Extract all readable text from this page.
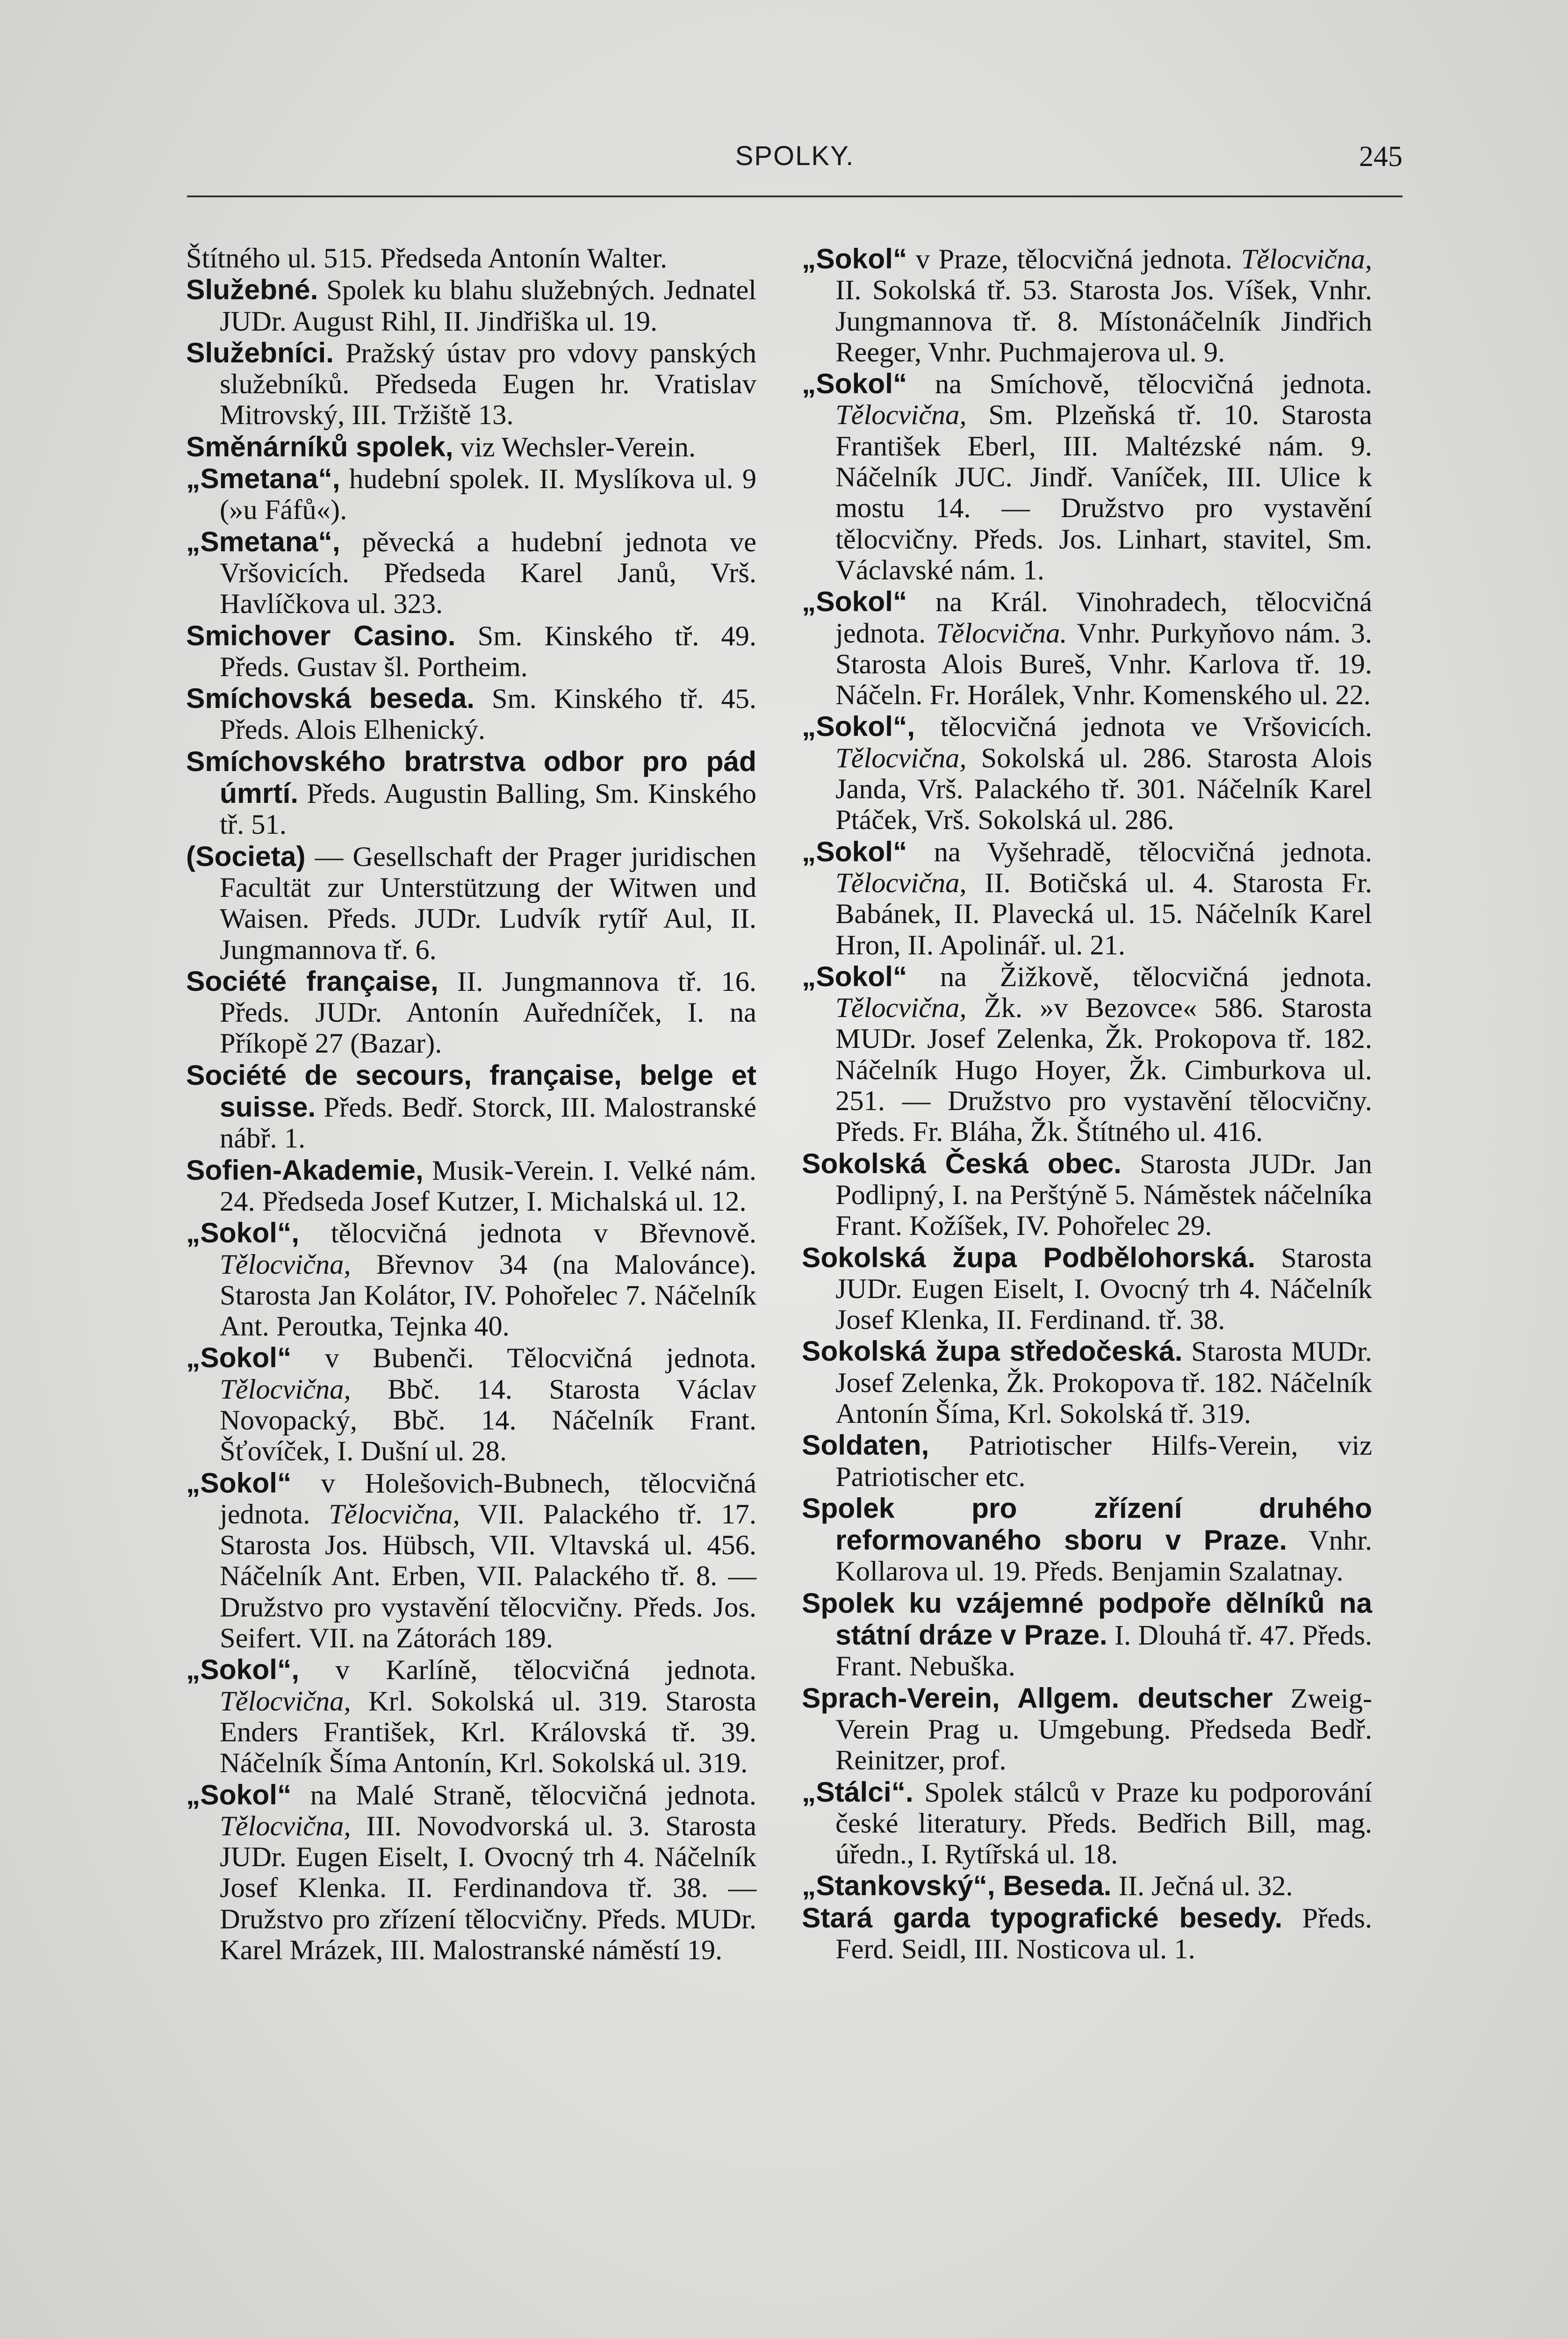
SPOLKY.	245

Štítného ul. 515. Předseda Antonín Walter.

Služebné. Spolek ku blahu služebných. Jednatel JUDr. August Rihl, II. Jindřiška ul. 19.

Služebníci. Pražský ústav pro vdovy panských služebníků. Předseda Eugen hr. Vratislav Mitrovský, III. Tržiště 13.

Směnárníků spolek, viz Wechsler-Verein.

„Smetana“, hudební spolek. II. Myslíkova ul. 9 (»u Fáfů«).

„Smetana“, pěvecká a hudební jednota ve Vršovicích. Předseda Karel Janů, Vrš. Havlíčkova ul. 323.

Smichover Casino. Sm. Kinského tř. 49. Předs. Gustav šl. Portheim.

Smíchovská beseda. Sm. Kinského tř. 45. Předs. Alois Elhenický.

Smíchovského bratrstva odbor pro pád úmrtí. Předs. Augustin Balling, Sm. Kinského tř. 51.

(Societa) — Gesellschaft der Prager juridischen Facultät zur Unterstützung der Witwen und Waisen. Předs. JUDr. Ludvík rytíř Aul, II. Jungmannova tř. 6.

Société française, II. Jungmannova tř. 16. Předs. JUDr. Antonín Auředníček, I. na Příkopě 27 (Bazar).

Société de secours, française, belge et suisse. Předs. Bedř. Storck, III. Malostranské nábř. 1.

Sofien-Akademie, Musik-Verein. I. Velké nám. 24. Předseda Josef Kutzer, I. Michalská ul. 12.

„Sokol“, tělocvičná jednota v Břevnově. Tělocvična, Břevnov 34 (na Malovánce). Starosta Jan Kolátor, IV. Pohořelec 7. Náčelník Ant. Peroutka, Tejnka 40.

„Sokol“ v Bubenči. Tělocvičná jednota. Tělocvična, Bbč. 14. Starosta Václav Novopacký, Bbč. 14. Náčelník Frant. Šťovíček, I. Dušní ul. 28.

„Sokol“ v Holešovich-Bubnech, tělocvičná jednota. Tělocvična, VII. Palackého tř. 17. Starosta Jos. Hübsch, VII. Vltavská ul. 456. Náčelník Ant. Erben, VII. Palackého tř. 8. — Družstvo pro vystavění tělocvičny. Předs. Jos. Seifert. VII. na Zátorách 189.

„Sokol“, v Karlíně, tělocvičná jednota. Tělocvična, Krl. Sokolská ul. 319. Starosta Enders František, Krl. Královská tř. 39. Náčelník Šíma Antonín, Krl. Sokolská ul. 319.

„Sokol“ na Malé Straně, tělocvičná jednota. Tělocvična, III. Novodvorská ul. 3. Starosta JUDr. Eugen Eiselt, I. Ovocný trh 4. Náčelník Josef Klenka. II. Ferdinandova tř. 38. — Družstvo pro zřízení tělocvičny. Předs. MUDr. Karel Mrázek, III. Malostranské náměstí 19.

„Sokol“ v Praze, tělocvičná jednota. Tělocvična, II. Sokolská tř. 53. Starosta Jos. Víšek, Vnhr. Jungmannova tř. 8. Místonáčelník Jindřich Reeger, Vnhr. Puchmajerova ul. 9.

„Sokol“ na Smíchově, tělocvičná jednota. Tělocvična, Sm. Plzeňská tř. 10. Starosta František Eberl, III. Maltézské nám. 9. Náčelník JUC. Jindř. Vaníček, III. Ulice k mostu 14. — Družstvo pro vystavění tělocvičny. Předs. Jos. Linhart, stavitel, Sm. Václavské nám. 1.

„Sokol“ na Král. Vinohradech, tělocvičná jednota. Tělocvična. Vnhr. Purkyňovo nám. 3. Starosta Alois Bureš, Vnhr. Karlova tř. 19. Náčeln. Fr. Horálek, Vnhr. Komenského ul. 22.

„Sokol“, tělocvičná jednota ve Vršovicích. Tělocvična, Sokolská ul. 286. Starosta Alois Janda, Vrš. Palackého tř. 301. Náčelník Karel Ptáček, Vrš. Sokolská ul. 286.

„Sokol“ na Vyšehradě, tělocvičná jednota. Tělocvična, II. Botičská ul. 4. Starosta Fr. Babánek, II. Plavecká ul. 15. Náčelník Karel Hron, II. Apolinář. ul. 21.

„Sokol“ na Žižkově, tělocvičná jednota. Tělocvična, Žk. »v Bezovce« 586. Starosta MUDr. Josef Zelenka, Žk. Prokopova tř. 182. Náčelník Hugo Hoyer, Žk. Cimburkova ul. 251. — Družstvo pro vystavění tělocvičny. Předs. Fr. Bláha, Žk. Štítného ul. 416.

Sokolská Česká obec. Starosta JUDr. Jan Podlipný, I. na Perštýně 5. Náměstek náčelníka Frant. Kožíšek, IV. Pohořelec 29.

Sokolská župa Podbělohorská. Starosta JUDr. Eugen Eiselt, I. Ovocný trh 4. Náčelník Josef Klenka, II. Ferdinand. tř. 38.

Sokolská župa středočeská. Starosta MUDr. Josef Zelenka, Žk. Prokopova tř. 182. Náčelník Antonín Šíma, Krl. Sokolská tř. 319.

Soldaten, Patriotischer Hilfs-Verein, viz Patriotischer etc.

Spolek pro zřízení druhého reformovaného sboru v Praze. Vnhr. Kollarova ul. 19. Předs. Benjamin Szalatnay.

Spolek ku vzájemné podpoře dělníků na státní dráze v Praze. I. Dlouhá tř. 47. Předs. Frant. Nebuška.

Sprach-Verein, Allgem. deutscher Zweig-Verein Prag u. Umgebung. Předseda Bedř. Reinitzer, prof.

„Stálci“. Spolek stálců v Praze ku podporování české literatury. Předs. Bedřich Bill, mag. úředn., I. Rytířská ul. 18.

„Stankovský“, Beseda. II. Ječná ul. 32.

Stará garda typografické besedy. Předs. Ferd. Seidl, III. Nosticova ul. 1.
